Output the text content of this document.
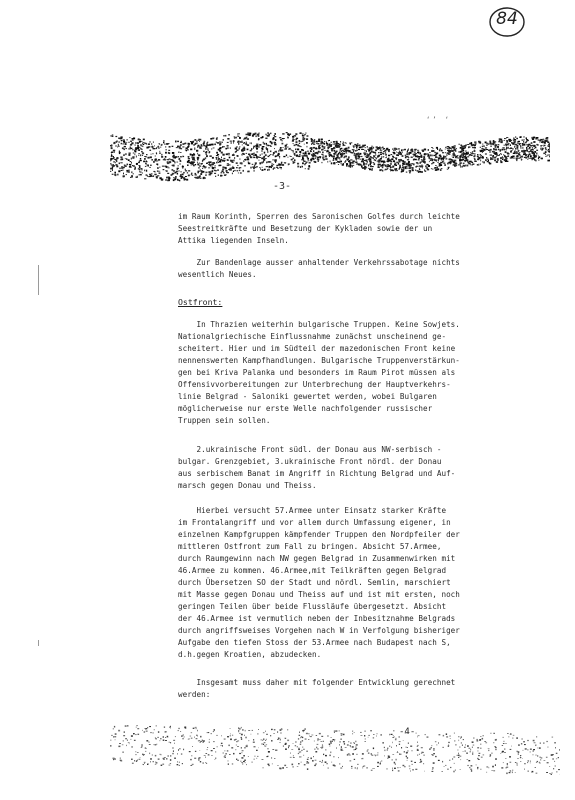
84
‘’ ‘
-3-
im Raum Korinth, Sperren des Saronischen Golfes durch leichte
Seestreitkräfte und Besetzung der Kykladen sowie der un
Attika liegenden Inseln.
Zur Bandenlage ausser anhaltender Verkehrssabotage nichts
wesentlich Neues.
Ostfront:
In Thrazien weiterhin bulgarische Truppen. Keine Sowjets.
Nationalgriechische Einflussnahme zunächst unscheinend ge-
scheitert. Hier und im Südteil der mazedonischen Front keine
nennenswerten Kampfhandlungen. Bulgarische Truppenverstärkun-
gen bei Kriva Palanka und besonders im Raum Pirot müssen als
Offensivvorbereitungen zur Unterbrechung der Hauptverkehrs-
linie Belgrad - Saloniki gewertet werden, wobei Bulgaren
möglicherweise nur erste Welle nachfolgender russischer
Truppen sein sollen.
2.ukrainische Front südl. der Donau aus NW-serbisch -
bulgar. Grenzgebiet, 3.ukrainische Front nördl. der Donau
aus serbischem Banat im Angriff in Richtung Belgrad und Auf-
marsch gegen Donau und Theiss.
Hierbei versucht 57.Armee unter Einsatz starker Kräfte
im Frontalangriff und vor allem durch Umfassung eigener, in
einzelnen Kampfgruppen kämpfender Truppen den Nordpfeiler der
mittleren Ostfront zum Fall zu bringen. Absicht 57.Armee,
durch Raumgewinn nach NW gegen Belgrad in Zusammenwirken mit
46.Armee zu kommen. 46.Armee,mit Teilkräften gegen Belgrad
durch Übersetzen SO der Stadt und nördl. Semlin, marschiert
mit Masse gegen Donau und Theiss auf und ist mit ersten, noch
geringen Teilen über beide Flussläufe übergesetzt. Absicht
der 46.Armee ist vermutlich neben der Inbesitznahme Belgrads
durch angriffsweises Vorgehen nach W in Verfolgung bisheriger
Aufgabe den tiefen Stoss der 53.Armee nach Budapest nach S,
d.h.gegen Kroatien, abzudecken.
Insgesamt muss daher mit folgender Entwicklung gerechnet
werden:
-4-
